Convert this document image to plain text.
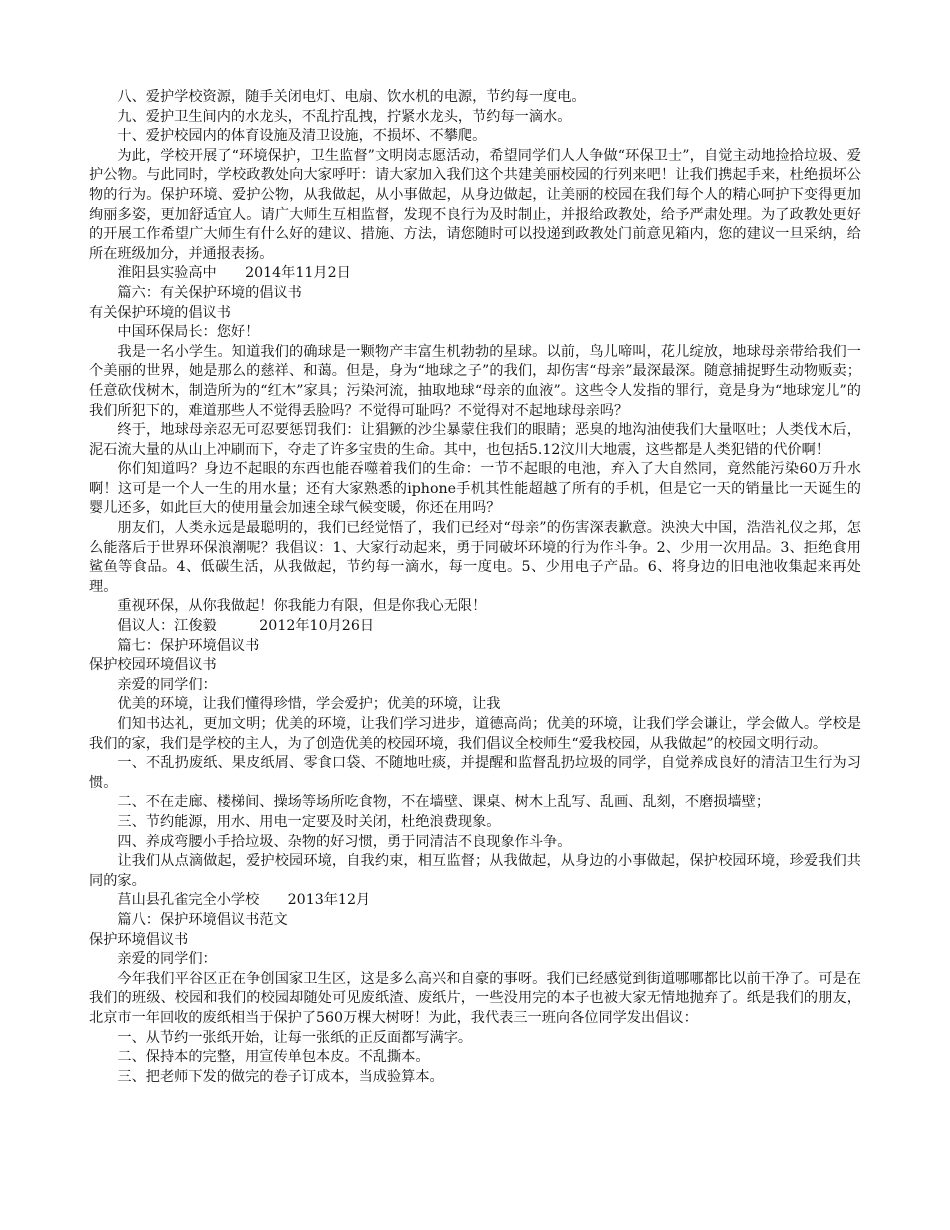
八、爱护学校资源，随手关闭电灯、电扇、饮水机的电源，节约每一度电。

九、爱护卫生间内的水龙头，不乱拧乱拽，拧紧水龙头，节约每一滴水。

十、爱护校园内的体育设施及清卫设施，不损坏、不攀爬。

为此，学校开展了“环境保护，卫生监督”文明岗志愿活动，希望同学们人人争做“环保卫士”，自觉主动地捡拾垃圾、爱护公物。与此同时，学校政教处向大家呼吁：请大家加入我们这个共建美丽校园的行列来吧！让我们携起手来，杜绝损坏公物的行为。保护环境、爱护公物，从我做起，从小事做起，从身边做起，让美丽的校园在我们每个人的精心呵护下变得更加绚丽多姿，更加舒适宜人。请广大师生互相监督，发现不良行为及时制止，并报给政教处，给予严肃处理。为了政教处更好的开展工作希望广大师生有什么好的建议、措施、方法，请您随时可以投递到政教处门前意见箱内，您的建议一旦采纳，给所在班级加分，并通报表扬。

淮阳县实验高中　　2014年11月2日

篇六：有关保护环境的倡议书

有关保护环境的倡议书

中国环保局长：您好！

我是一名小学生。知道我们的确球是一颗物产丰富生机勃勃的星球。以前，鸟儿啼叫，花儿绽放，地球母亲带给我们一个美丽的世界，她是那么的慈祥、和蔼。但是，身为“地球之子”的我们，却伤害“母亲”最深最深。随意捕捉野生动物贩卖；任意砍伐树木，制造所为的“红木”家具；污染河流，抽取地球“母亲的血液”。这些令人发指的罪行，竟是身为“地球宠儿”的我们所犯下的，难道那些人不觉得丢脸吗？不觉得可耻吗？不觉得对不起地球母亲吗？

终于，地球母亲忍无可忍要惩罚我们：让猖獗的沙尘暴蒙住我们的眼睛；恶臭的地沟油使我们大量呕吐；人类伐木后，泥石流大量的从山上冲刷而下，夺走了许多宝贵的生命。其中，也包括5.12汶川大地震，这些都是人类犯错的代价啊！

你们知道吗？身边不起眼的东西也能吞噬着我们的生命：一节不起眼的电池，弃入了大自然同，竟然能污染60万升水啊！这可是一个人一生的用水量；还有大家熟悉的iphone手机其性能超越了所有的手机，但是它一天的销量比一天诞生的婴儿还多，如此巨大的使用量会加速全球气候变暖，你还在用吗？

朋友们，人类永远是最聪明的，我们已经觉悟了，我们已经对“母亲”的伤害深表歉意。泱泱大中国，浩浩礼仪之邦，怎么能落后于世界环保浪潮呢？我倡议：1、大家行动起来，勇于同破坏环境的行为作斗争。2、少用一次用品。3、拒绝食用鲨鱼等食品。4、低碳生活，从我做起，节约每一滴水，每一度电。5、少用电子产品。6、将身边的旧电池收集起来再处理。

重视环保，从你我做起！你我能力有限，但是你我心无限！

倡议人：江俊毅　　　2012年10月26日

篇七：保护环境倡议书

保护校园环境倡议书

亲爱的同学们：

优美的环境，让我们懂得珍惜，学会爱护；优美的环境，让我

们知书达礼，更加文明；优美的环境，让我们学习进步，道德高尚；优美的环境，让我们学会谦让，学会做人。学校是我们的家，我们是学校的主人，为了创造优美的校园环境，我们倡议全校师生“爱我校园，从我做起”的校园文明行动。

一、不乱扔废纸、果皮纸屑、零食口袋、不随地吐痰，并提醒和监督乱扔垃圾的同学，自觉养成良好的清洁卫生行为习惯。

二、不在走廊、楼梯间、操场等场所吃食物，不在墙壁、课桌、树木上乱写、乱画、乱刻，不磨损墙壁；

三、节约能源，用水、用电一定要及时关闭，杜绝浪费现象。

四、养成弯腰小手拾垃圾、杂物的好习惯，勇于同清洁不良现象作斗争。

让我们从点滴做起，爱护校园环境，自我约束，相互监督；从我做起，从身边的小事做起，保护校园环境，珍爱我们共同的家。

莒山县孔雀完全小学校　　2013年12月

篇八：保护环境倡议书范文

保护环境倡议书

亲爱的同学们：

今年我们平谷区正在争创国家卫生区，这是多么高兴和自豪的事呀。我们已经感觉到街道哪哪都比以前干净了。可是在我们的班级、校园和我们的校园却随处可见废纸渣、废纸片，一些没用完的本子也被大家无情地抛弃了。纸是我们的朋友，北京市一年回收的废纸相当于保护了560万棵大树呀！为此，我代表三一班向各位同学发出倡议：

一、从节约一张纸开始，让每一张纸的正反面都写满字。

二、保持本的完整，用宣传单包本皮。不乱撕本。

三、把老师下发的做完的卷子订成本，当成验算本。
